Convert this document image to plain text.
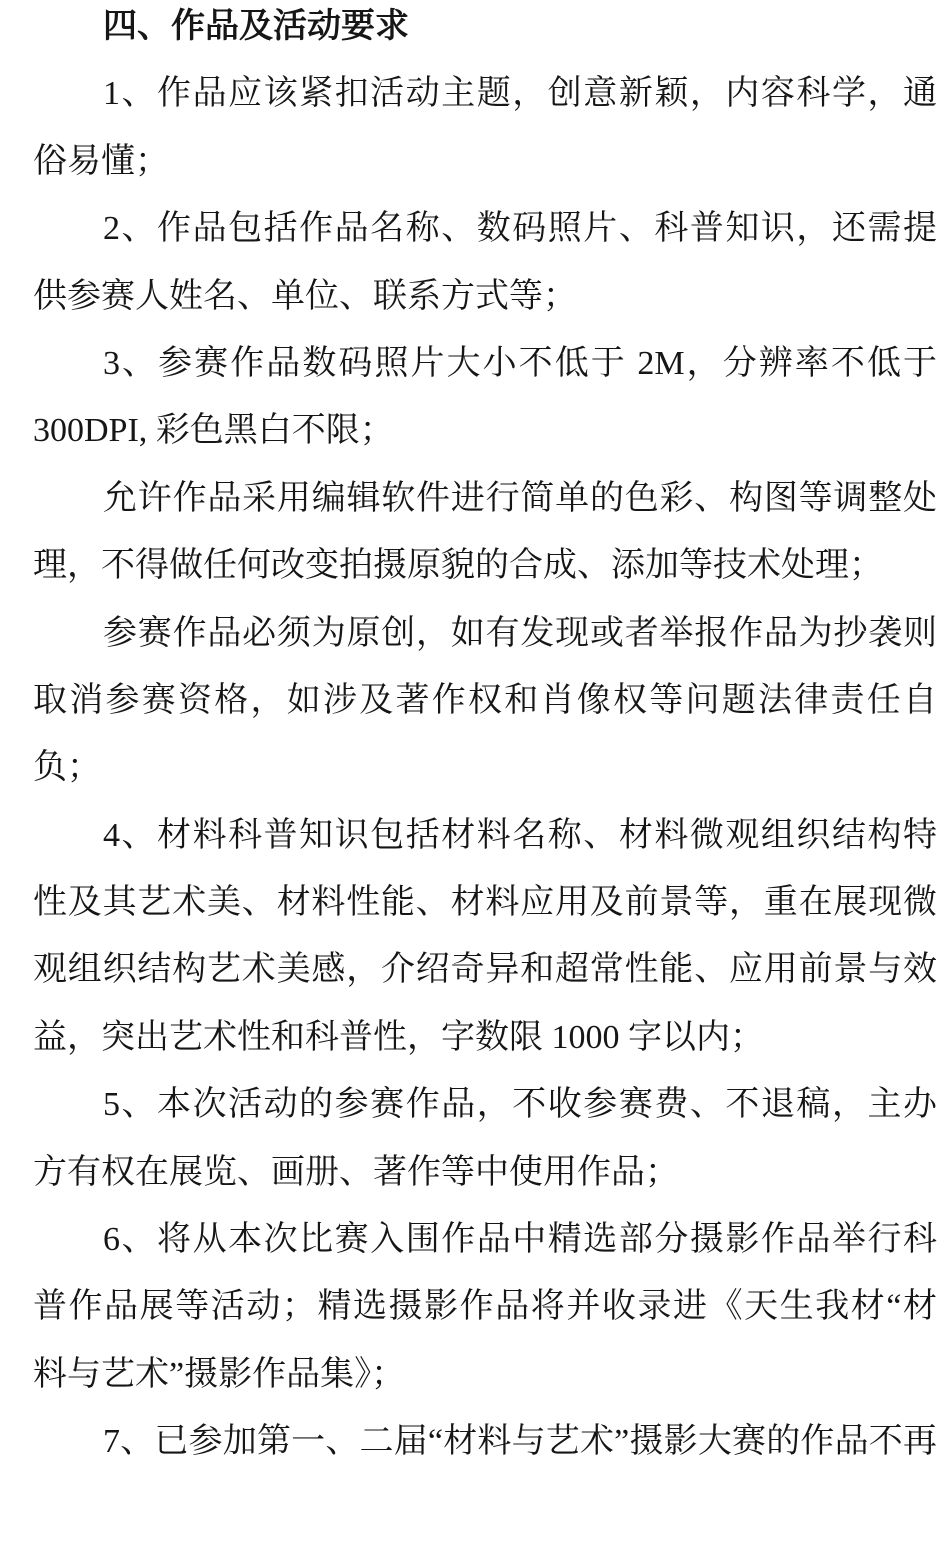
四、作品及活动要求
1、作品应该紧扣活动主题，创意新颖，内容科学，通
俗易懂；
2、作品包括作品名称、数码照片、科普知识，还需提
供参赛人姓名、单位、联系方式等；
3、参赛作品数码照片大小不低于 2M，分辨率不低于
300DPI, 彩色黑白不限；
允许作品采用编辑软件进行简单的色彩、构图等调整处
理，不得做任何改变拍摄原貌的合成、添加等技术处理；
参赛作品必须为原创，如有发现或者举报作品为抄袭则
取消参赛资格，如涉及著作权和肖像权等问题法律责任自
负；
4、材料科普知识包括材料名称、材料微观组织结构特
性及其艺术美、材料性能、材料应用及前景等，重在展现微
观组织结构艺术美感，介绍奇异和超常性能、应用前景与效
益，突出艺术性和科普性，字数限 1000 字以内；
5、本次活动的参赛作品，不收参赛费、不退稿，主办
方有权在展览、画册、著作等中使用作品；
6、将从本次比赛入围作品中精选部分摄影作品举行科
普作品展等活动；精选摄影作品将并收录进《天生我材“材
料与艺术”摄影作品集》；
7、已参加第一、二届“材料与艺术”摄影大赛的作品不再
